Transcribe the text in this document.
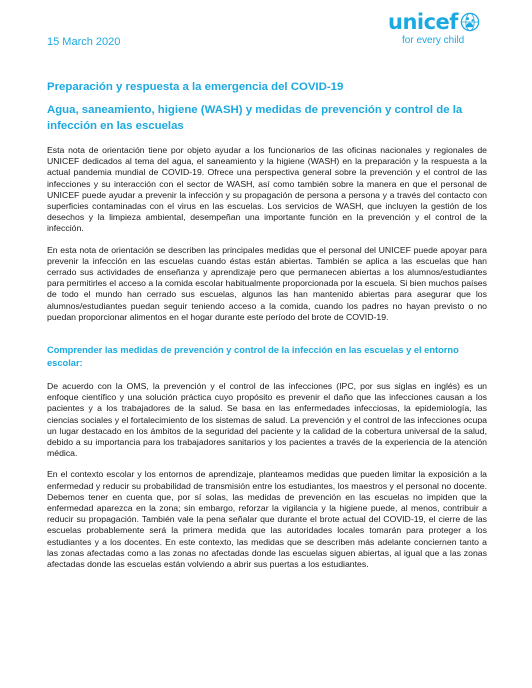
15 March 2020
unicef
for every child
Preparación y respuesta a la emergencia del COVID-19
Agua, saneamiento, higiene (WASH) y medidas de prevención y control de la infección en las escuelas

Esta nota de orientación tiene por objeto ayudar a los funcionarios de las oficinas nacionales y regionales de UNICEF dedicados al tema del agua, el saneamiento y la higiene (WASH) en la preparación y la respuesta a la actual pandemia mundial de COVID-19. Ofrece una perspectiva general sobre la prevención y el control de las infecciones y su interacción con el sector de WASH, así como también sobre la manera en que el personal de UNICEF puede ayudar a prevenir la infección y su propagación de persona a persona y a través del contacto con superficies contaminadas con el virus en las escuelas. Los servicios de WASH, que incluyen la gestión de los desechos y la limpieza ambiental, desempeñan una importante función en la prevención y el control de la infección.

En esta nota de orientación se describen las principales medidas que el personal del UNICEF puede apoyar para prevenir la infección en las escuelas cuando éstas están abiertas. También se aplica a las escuelas que han cerrado sus actividades de enseñanza y aprendizaje pero que permanecen abiertas a los alumnos/estudiantes para permitirles el acceso a la comida escolar habitualmente proporcionada por la escuela. Si bien muchos países de todo el mundo han cerrado sus escuelas, algunos las han mantenido abiertas para asegurar que los alumnos/estudiantes puedan seguir teniendo acceso a la comida, cuando los padres no hayan previsto o no puedan proporcionar alimentos en el hogar durante este período del brote de COVID-19.

Comprender las medidas de prevención y control de la infección en las escuelas y el entorno escolar:

De acuerdo con la OMS, la prevención y el control de las infecciones (IPC, por sus siglas en inglés) es un enfoque científico y una solución práctica cuyo propósito es prevenir el daño que las infecciones causan a los pacientes y a los trabajadores de la salud. Se basa en las enfermedades infecciosas, la epidemiología, las ciencias sociales y el fortalecimiento de los sistemas de salud. La prevención y el control de las infecciones ocupa un lugar destacado en los ámbitos de la seguridad del paciente y la calidad de la cobertura universal de la salud, debido a su importancia para los trabajadores sanitarios y los pacientes a través de la experiencia de la atención médica.

En el contexto escolar y los entornos de aprendizaje, planteamos medidas que pueden limitar la exposición a la enfermedad y reducir su probabilidad de transmisión entre los estudiantes, los maestros y el personal no docente. Debemos tener en cuenta que, por sí solas, las medidas de prevención en las escuelas no impiden que la enfermedad aparezca en la zona; sin embargo, reforzar la vigilancia y la higiene puede, al menos, contribuir a reducir su propagación. También vale la pena señalar que durante el brote actual del COVID-19, el cierre de las escuelas probablemente será la primera medida que las autoridades locales tomarán para proteger a los estudiantes y a los docentes. En este contexto, las medidas que se describen más adelante conciernen tanto a las zonas afectadas como a las zonas no afectadas donde las escuelas siguen abiertas, al igual que a las zonas afectadas donde las escuelas están volviendo a abrir sus puertas a los estudiantes.
